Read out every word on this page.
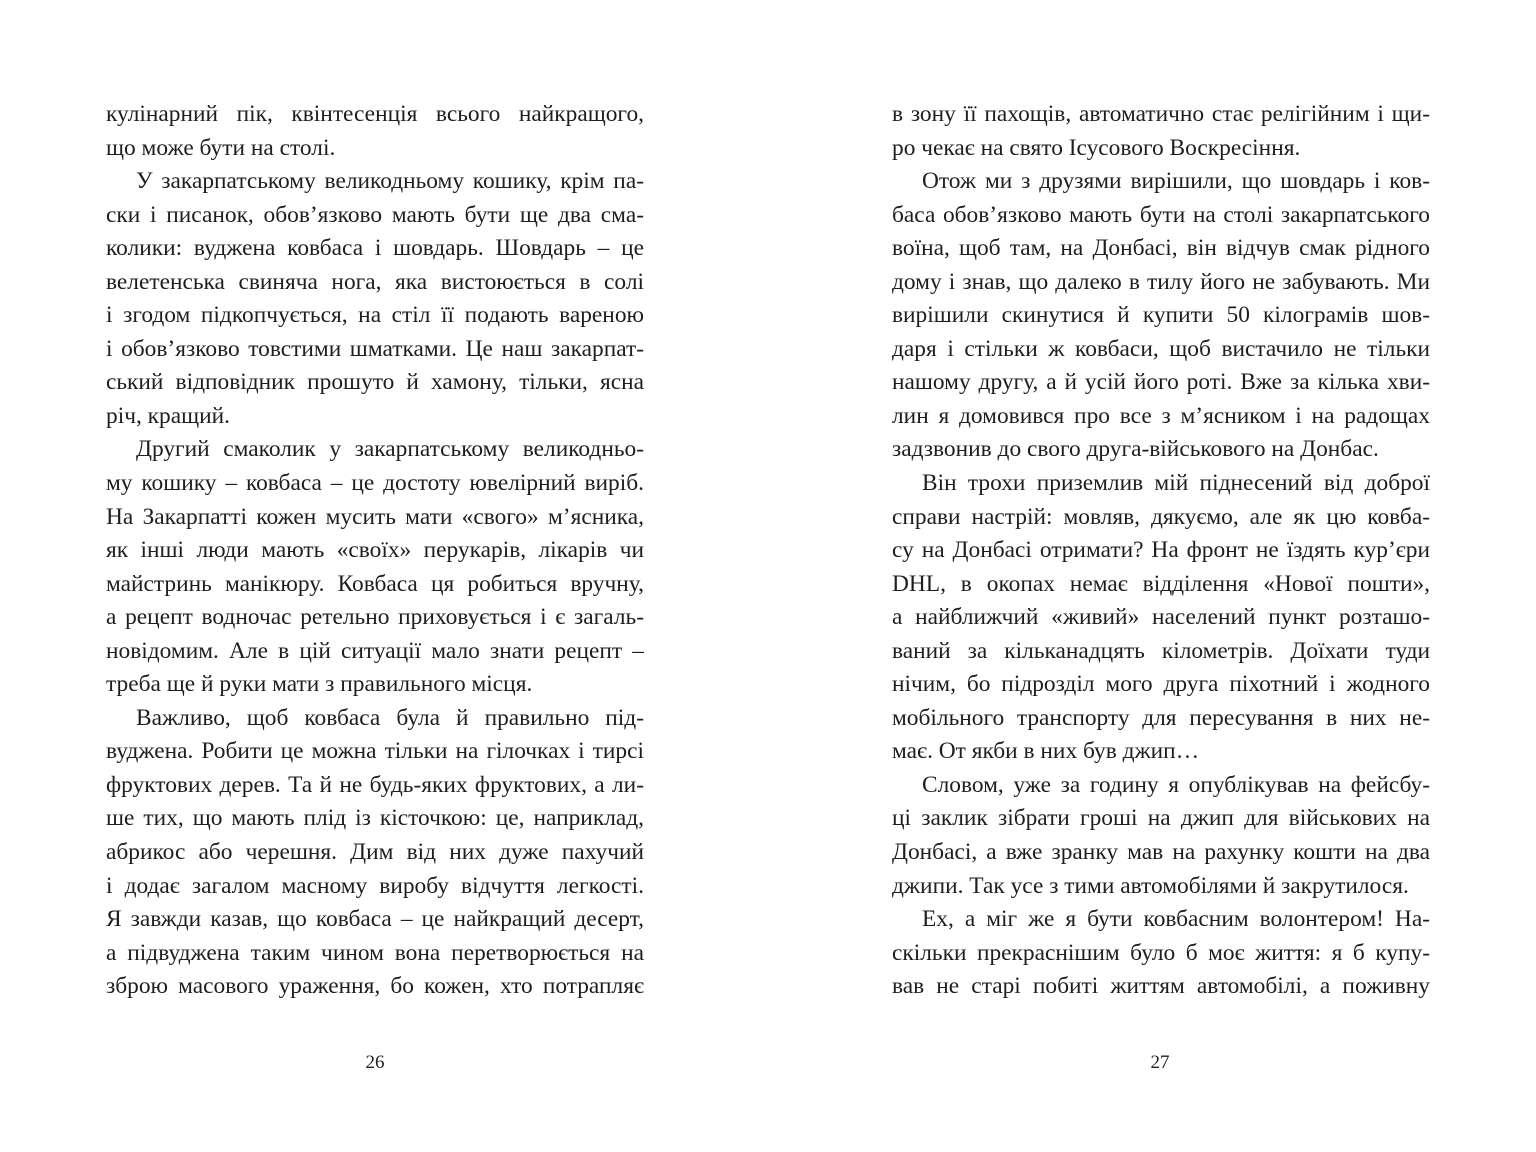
кулінарний пік, квінтесенція всього найкращого,
що може бути на столі.
У закарпатському великодньому кошику, крім па-
ски і писанок, обов’язково мають бути ще два сма-
колики: вуджена ковбаса і шовдарь. Шовдарь – це
велетенська свиняча нога, яка вистоюється в солі
і згодом підкопчується, на стіл її подають вареною
і обов’язково товстими шматками. Це наш закарпат-
ський відповідник прошуто й хамону, тільки, ясна
річ, кращий.
Другий смаколик у закарпатському великодньо-
му кошику – ковбаса – це достоту ювелірний виріб.
На Закарпатті кожен мусить мати «свого» м’ясника,
як інші люди мають «своїх» перукарів, лікарів чи
майстринь манікюру. Ковбаса ця робиться вручну,
а рецепт водночас ретельно приховується і є загаль-
новідомим. Але в цій ситуації мало знати рецепт –
треба ще й руки мати з правильного місця.
Важливо, щоб ковбаса була й правильно під-
вуджена. Робити це можна тільки на гілочках і тирсі
фруктових дерев. Та й не будь-яких фруктових, а ли-
ше тих, що мають плід із кісточкою: це, наприклад,
абрикос або черешня. Дим від них дуже пахучий
і додає загалом масному виробу відчуття легкості.
Я завжди казав, що ковбаса – це найкращий десерт,
а підвуджена таким чином вона перетворюється на
зброю масового ураження, бо кожен, хто потрапляє
26
в зону її пахощів, автоматично стає релігійним і щи-
ро чекає на свято Ісусового Воскресіння.
Отож ми з друзями вирішили, що шовдарь і ков-
баса обов’язково мають бути на столі закарпатського
воїна, щоб там, на Донбасі, він відчув смак рідного
дому і знав, що далеко в тилу його не забувають. Ми
вирішили скинутися й купити 50 кілограмів шов-
даря і стільки ж ковбаси, щоб вистачило не тільки
нашому другу, а й усій його роті. Вже за кілька хви-
лин я домовився про все з м’ясником і на радощах
задзвонив до свого друга-військового на Донбас.
Він трохи приземлив мій піднесений від доброї
справи настрій: мовляв, дякуємо, але як цю ковба-
су на Донбасі отримати? На фронт не їздять кур’єри
DHL, в окопах немає відділення «Нової пошти»,
а найближчий «живий» населений пункт розташо-
ваний за кільканадцять кілометрів. Доїхати туди
нічим, бо підрозділ мого друга піхотний і жодного
мобільного транспорту для пересування в них не-
має. От якби в них був джип…
Словом, уже за годину я опублікував на фейсбу-
ці заклик зібрати гроші на джип для військових на
Донбасі, а вже зранку мав на рахунку кошти на два
джипи. Так усе з тими автомобілями й закрутилося.
Ех, а міг же я бути ковбасним волонтером! На-
скільки прекраснішим було б моє життя: я б купу-
вав не старі побиті життям автомобілі, а поживну
27
